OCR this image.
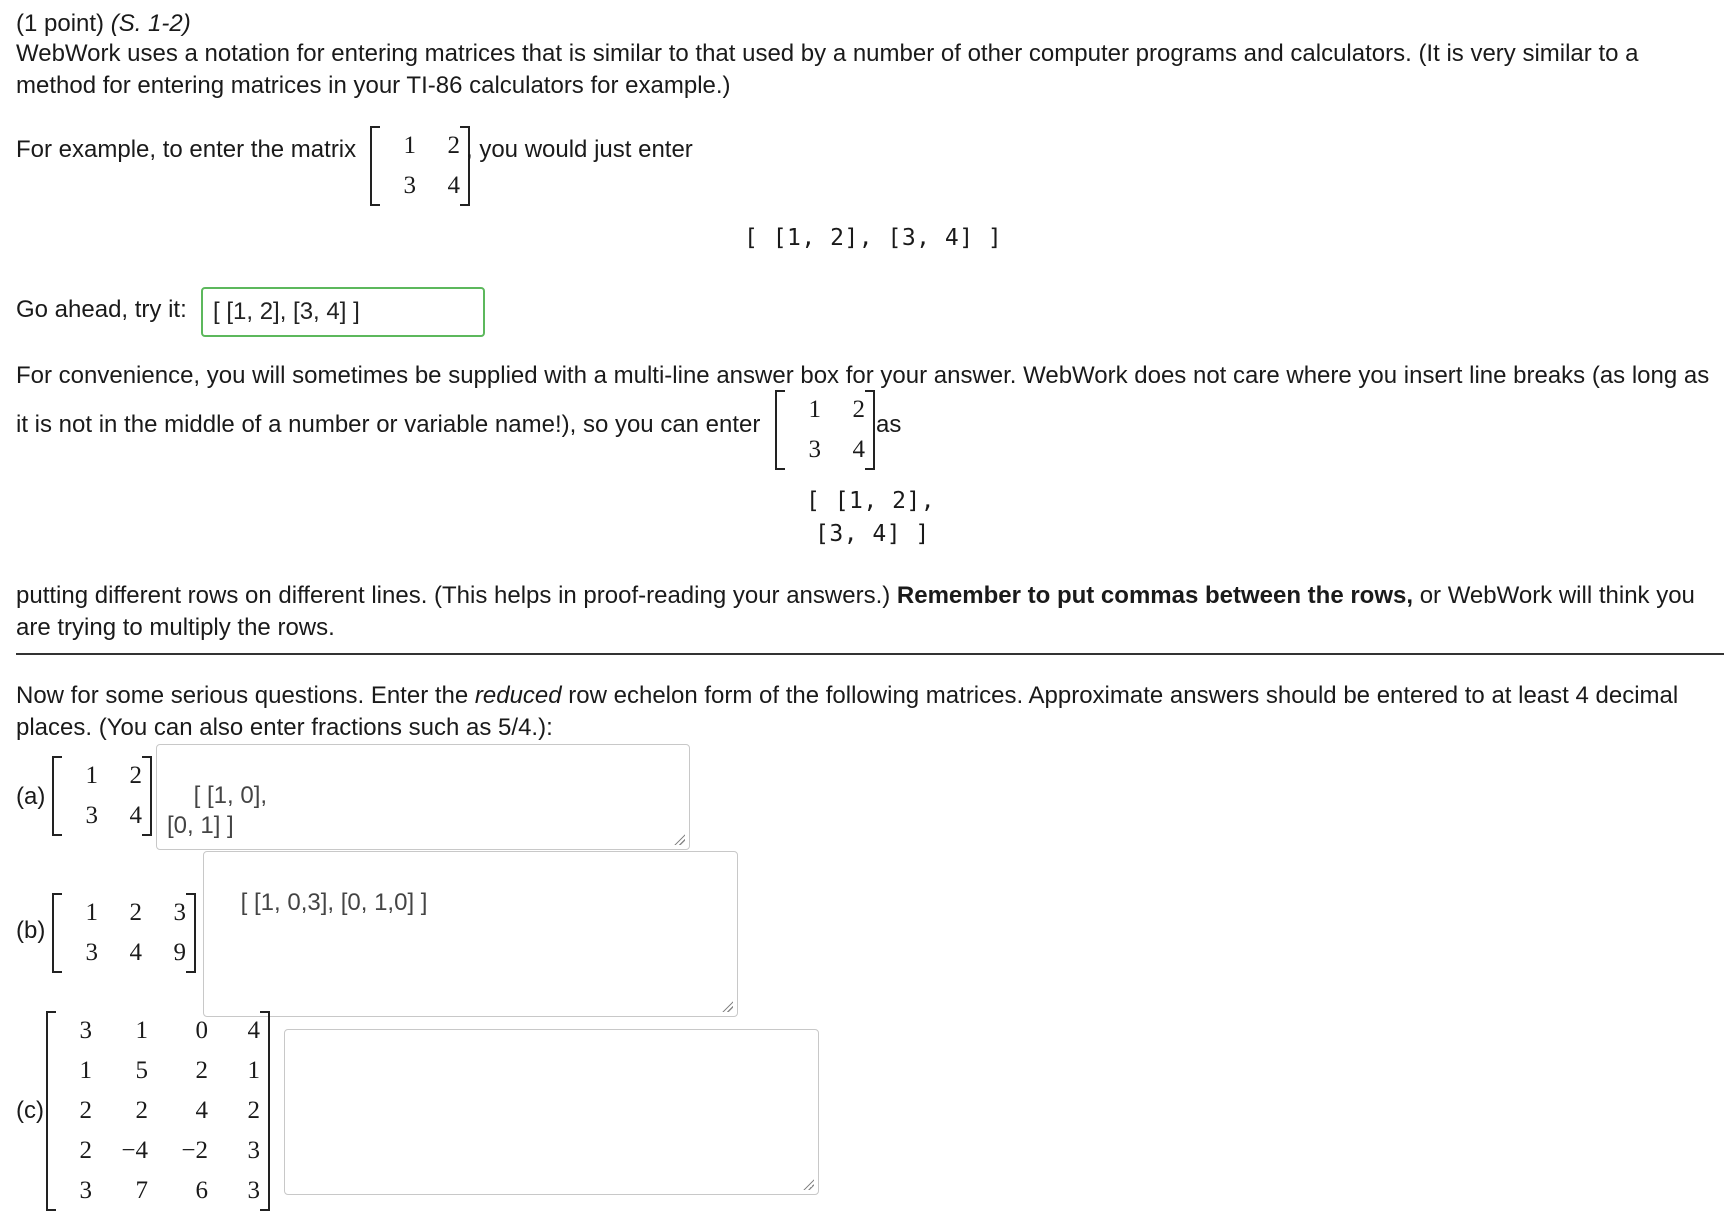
(1 point) (S. 1-2)

WebWork uses a notation for entering matrices that is similar to that used by a number of other computer programs and calculators. (It is very similar to a method for entering matrices in your TI-86 calculators for example.)

For example, to enter the matrix	1	2
3	4
, you would just enter
[ [1, 2], [3, 4] ]
Go ahead, try it:
[ [1, 2], [3, 4] ]

For convenience, you will sometimes be supplied with a multi-line answer box for your answer. WebWork does not care where you insert line breaks (as long as

it is not in the middle of a number or variable name!), so you can enter
1	2
3	4
as
[ [1, 2],
[3, 4] ]

putting different rows on different lines. (This helps in proof-reading your answers.) Remember to put commas between the rows, or WebWork will think you are trying to multiply the rows.

Now for some serious questions. Enter the reduced row echelon form of the following matrices. Approximate answers should be entered to at least 4 decimal places. (You can also enter fractions such as 5/4.):

(a)
1	2
3	4

[ [1, 0],
[0, 1] ]

(b)
1	2	3
3	4	9

[ [1, 0,3], [0, 1,0] ]

(c)
3	1	0	4
1	5	2	1
2	2	4	2
2	−4	−2	3
3	7	6	3
